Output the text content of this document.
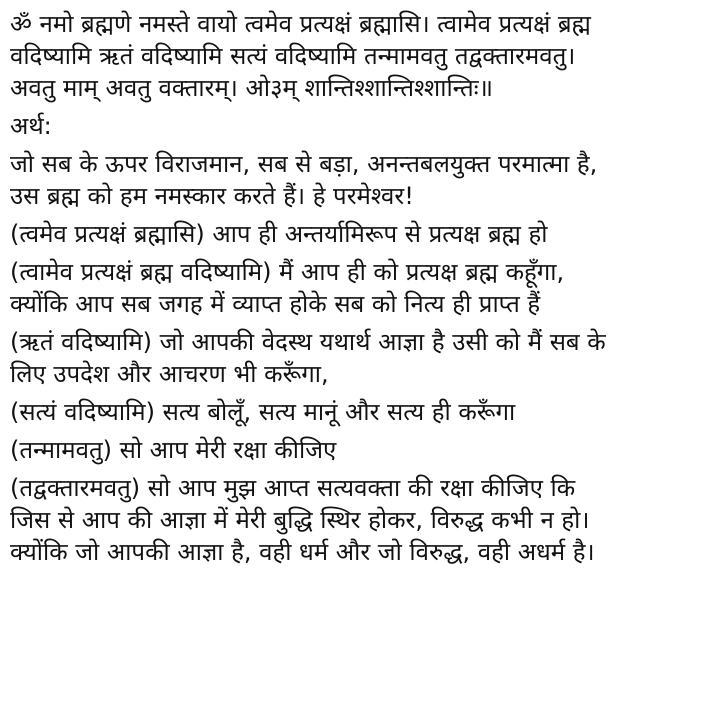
ॐ नमो ब्रह्मणे नमस्ते वायो त्वमेव प्रत्यक्षं ब्रह्मासि। त्वामेव प्रत्यक्षं ब्रह्म

वदिष्यामि ऋतं वदिष्यामि सत्यं वदिष्यामि तन्मामवतु तद्वक्तारमवतु।

अवतु माम् अवतु वक्तारम्। ओ३म् शान्तिश्शान्तिश्शान्तिः॥

अर्थ:

जो सब के ऊपर विराजमान, सब से बड़ा, अनन्तबलयुक्त परमात्मा है,

उस ब्रह्म को हम नमस्कार करते हैं। हे परमेश्वर!

(त्वमेव प्रत्यक्षं ब्रह्मासि) आप ही अन्तर्यामिरूप से प्रत्यक्ष ब्रह्म हो

(त्वामेव प्रत्यक्षं ब्रह्म वदिष्यामि) मैं आप ही को प्रत्यक्ष ब्रह्म कहूँगा,

क्योंकि आप सब जगह में व्याप्त होके सब को नित्य ही प्राप्त हैं

(ऋतं वदिष्यामि) जो आपकी वेदस्थ यथार्थ आज्ञा है उसी को मैं सब के

लिए उपदेश और आचरण भी करूँगा,

(सत्यं वदिष्यामि) सत्य बोलूँ, सत्य मानूं और सत्य ही करूँगा

(तन्मामवतु) सो आप मेरी रक्षा कीजिए

(तद्वक्तारमवतु) सो आप मुझ आप्त सत्यवक्ता की रक्षा कीजिए कि

जिस से आप की आज्ञा में मेरी बुद्धि स्थिर होकर, विरुद्ध कभी न हो।

क्योंकि जो आपकी आज्ञा है, वही धर्म और जो विरुद्ध, वही अधर्म है।
